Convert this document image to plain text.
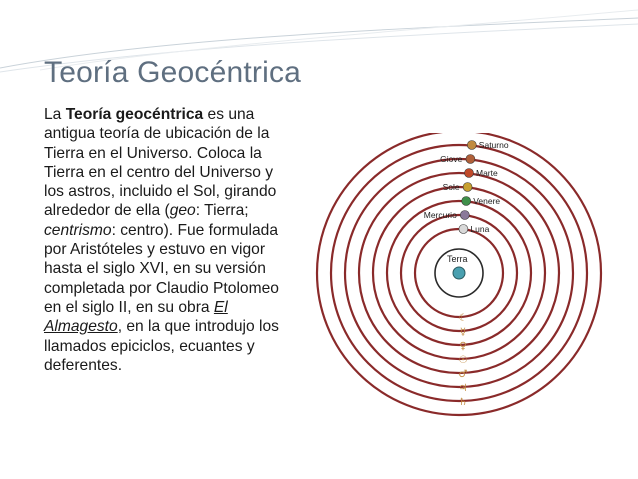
Teoría Geocéntrica
La Teoría geocéntrica es una antigua teoría de ubicación de la Tierra en el Universo. Coloca la Tierra en el centro del Universo y los astros, incluido el Sol, girando alrededor de ella (geo: Tierra; centrismo: centro). Fue formulada por Aristóteles y estuvo en vigor hasta el siglo XVI, en su versión completada por Claudio Ptolomeo en el siglo II, en su obra El Almagesto, en la que introdujo los llamados epiciclos, ecuantes y deferentes.
Luna
Mercurio
Venere
Sole
Marte
Giove
Saturno
☾
☿
♀
☉
♂
♃
♄
Terra
